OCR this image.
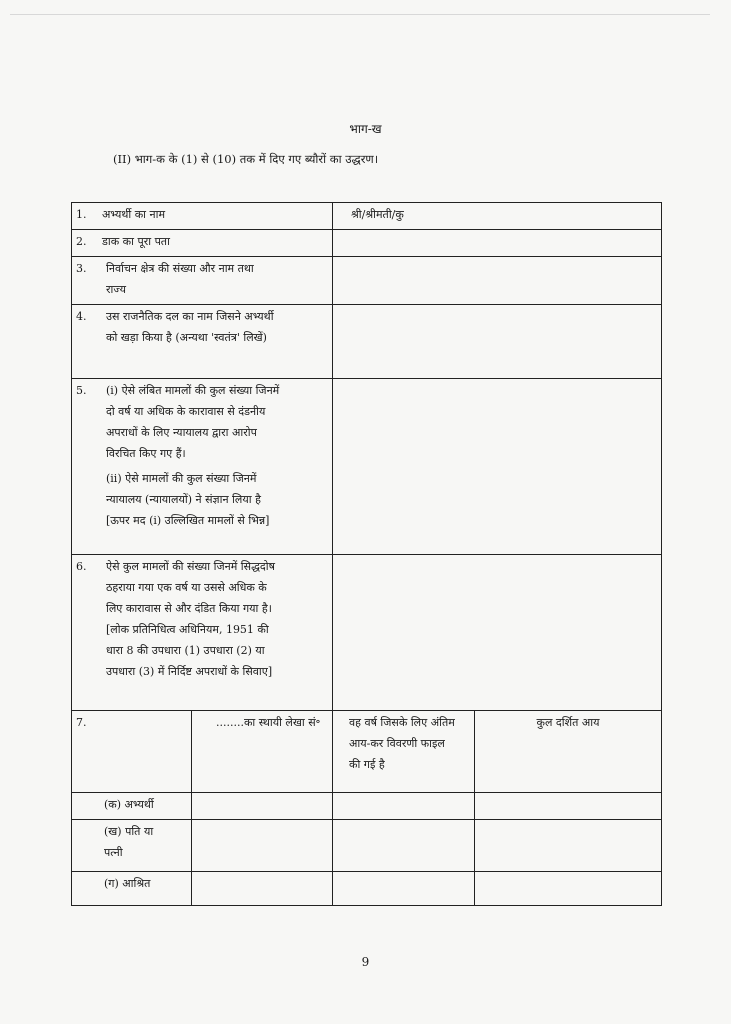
भाग-ख
(II) भाग-क के (1) से (10) तक में दिए गए ब्यौरों का उद्धरण।
1. अभ्यर्थी का नाम		श्री/श्रीमती/कु	
2. डाक का पूरा पता			

3. निर्वाचन क्षेत्र की संख्या और नाम तथा राज्य			

4. उस राजनैतिक दल का नाम जिसने अभ्यर्थी को खड़ा किया है (अन्यथा 'स्वतंत्र' लिखें)			

5. (i) ऐसे लंबित मामलों की कुल संख्या जिनमें दो वर्ष या अधिक के कारावास से दंडनीय अपराधों के लिए न्यायालय द्वारा आरोप विरचित किए गए हैं।
(ii) ऐसे मामलों की कुल संख्या जिनमें न्यायालय (न्यायालयों) ने संज्ञान लिया है [ऊपर मद (i) उल्लिखित मामलों से भिन्न]			

6. ऐसे कुल मामलों की संख्या जिनमें सिद्धदोष ठहराया गया एक वर्ष या उससे अधिक के लिए कारावास से और दंडित किया गया है। [लोक प्रतिनिधित्व अधिनियम, 1951 की धारा 8 की उपधारा (1) उपधारा (2) या उपधारा (3) में निर्दिष्ट अपराधों के सिवाए]			

7.	........का स्थायी लेखा सं॰	वह वर्ष जिसके लिए अंतिम आय-कर विवरणी फाइल की गई है	कुल दर्शित आय
(क) अभ्यर्थी			

(ख) पति या पत्नी			

(ग) आश्रित			
9
